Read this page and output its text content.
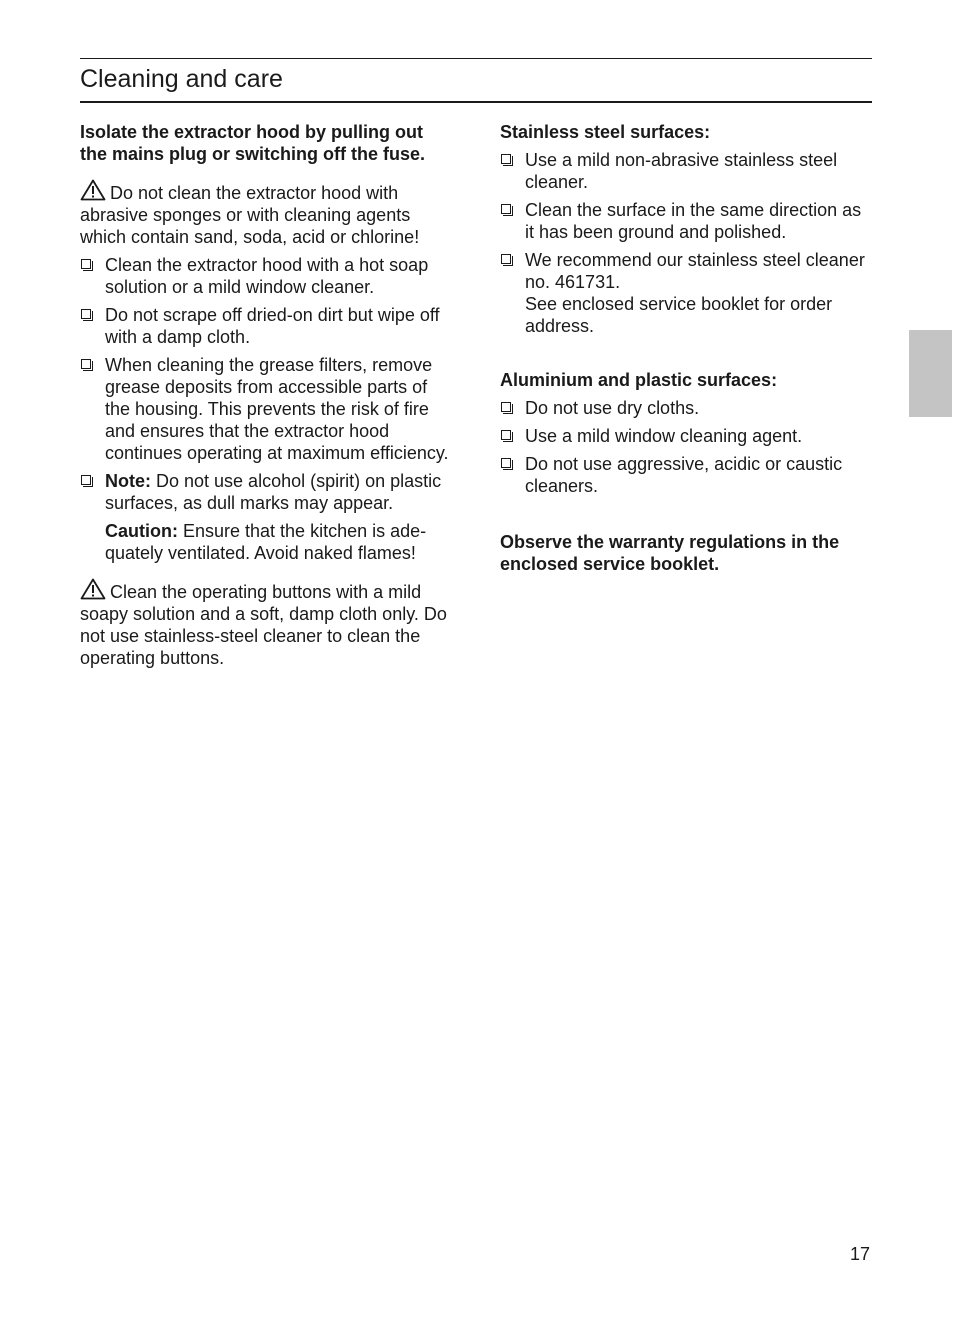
Cleaning and care

Isolate the extractor hood by pulling out the mains plug or switching off the fuse.

Do not clean the extractor hood with abrasive sponges or with cleaning agents which contain sand, soda, acid or chlorine!

Clean the extractor hood with a hot soap solution or a mild window cleaner.
Do not scrape off dried-on dirt but wipe off with a damp cloth.
When cleaning the grease filters, remove grease deposits from accessible parts of the housing. This prevents the risk of fire and ensures that the extractor hood continues operating at maximum efficiency.
Note: Do not use alcohol (spirit) on plastic surfaces, as dull marks may appear.
Caution: Ensure that the kitchen is ade-quately ventilated. Avoid naked flames!

Clean the operating buttons with a mild soapy solution and a soft, damp cloth only. Do not use stainless-steel cleaner to clean the operating buttons.

Stainless steel surfaces:

Use a mild non-abrasive stainless steel cleaner.
Clean the surface in the same direction as it has been ground and polished.
We recommend our stainless steel cleaner no. 461731.
See enclosed service booklet for order address.

Aluminium and plastic surfaces:

Do not use dry cloths.
Use a mild window cleaning agent.
Do not use aggressive, acidic or caustic cleaners.

Observe the warranty regulations in the enclosed service booklet.

17
